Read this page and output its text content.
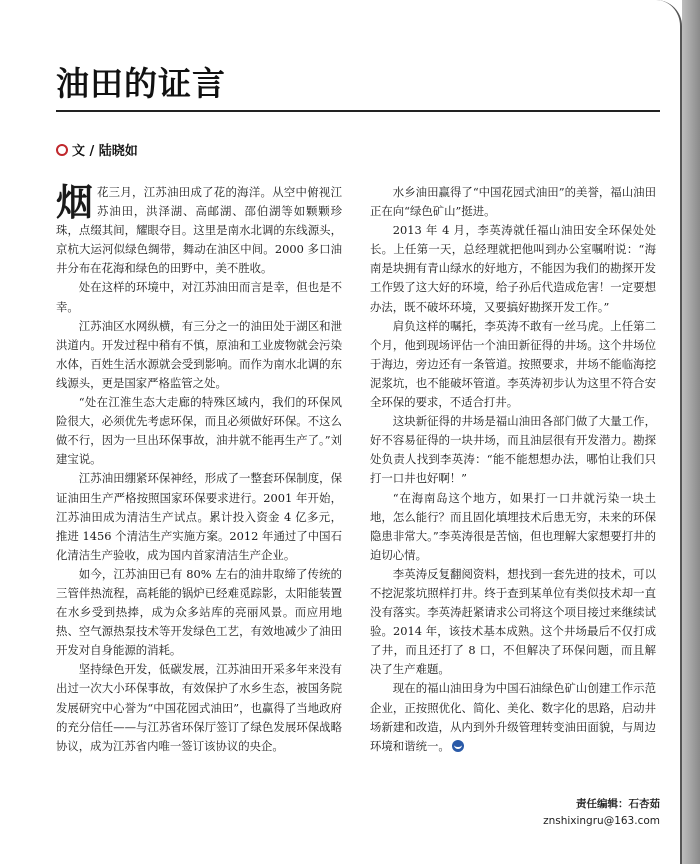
油田的证言
文 / 陆晓如

烟花三月，江苏油田成了花的海洋。从空中俯视江苏油田，洪泽湖、高邮湖、邵伯湖等如颗颗珍珠，点缀其间，耀眼夺目。这里是南水北调的东线源头，京杭大运河似绿色绸带，舞动在油区中间。2000 多口油井分布在花海和绿色的田野中，美不胜收。

处在这样的环境中，对江苏油田而言是幸，但也是不幸。

江苏油区水网纵横，有三分之一的油田处于湖区和泄洪道内。开发过程中稍有不慎，原油和工业废物就会污染水体，百姓生活水源就会受到影响。而作为南水北调的东线源头，更是国家严格监管之处。

“处在江淮生态大走廊的特殊区域内，我们的环保风险很大，必须优先考虑环保，而且必须做好环保。不这么做不行，因为一旦出环保事故，油井就不能再生产了。”刘建宝说。

江苏油田绷紧环保神经，形成了一整套环保制度，保证油田生产严格按照国家环保要求进行。2001 年开始，江苏油田成为清洁生产试点。累计投入资金 4 亿多元，推进 1456 个清洁生产实施方案。2012 年通过了中国石化清洁生产验收，成为国内首家清洁生产企业。

如今，江苏油田已有 80% 左右的油井取缔了传统的三管伴热流程，高耗能的锅炉已经难觅踪影，太阳能装置在水乡受到热捧，成为众多站库的亮丽风景。而应用地热、空气源热泵技术等开发绿色工艺，有效地减少了油田开发对自身能源的消耗。

坚持绿色开发，低碳发展，江苏油田开采多年来没有出过一次大小环保事故，有效保护了水乡生态，被国务院发展研究中心誉为“中国花园式油田”，也赢得了当地政府的充分信任——与江苏省环保厅签订了绿色发展环保战略协议，成为江苏省内唯一签订该协议的央企。

水乡油田赢得了“中国花园式油田”的美誉，福山油田正在向“绿色矿山”挺进。

2013 年 4 月，李英涛就任福山油田安全环保处处长。上任第一天，总经理就把他叫到办公室嘱咐说：“海南是块拥有青山绿水的好地方，不能因为我们的勘探开发工作毁了这大好的环境，给子孙后代造成危害！一定要想办法，既不破坏环境，又要搞好勘探开发工作。”

肩负这样的嘱托，李英涛不敢有一丝马虎。上任第二个月，他到现场评估一个油田新征得的井场。这个井场位于海边，旁边还有一条管道。按照要求，井场不能临海挖泥浆坑，也不能破坏管道。李英涛初步认为这里不符合安全环保的要求，不适合打井。

这块新征得的井场是福山油田各部门做了大量工作，好不容易征得的一块井场，而且油层很有开发潜力。勘探处负责人找到李英涛：“能不能想想办法，哪怕让我们只打一口井也好啊！”

“在海南岛这个地方，如果打一口井就污染一块土地，怎么能行？而且固化填埋技术后患无穷，未来的环保隐患非常大。”李英涛很是苦恼，但也理解大家想要打井的迫切心情。

李英涛反复翻阅资料，想找到一套先进的技术，可以不挖泥浆坑照样打井。终于查到某单位有类似技术却一直没有落实。李英涛赶紧请求公司将这个项目接过来继续试验。2014 年，该技术基本成熟。这个井场最后不仅打成了井，而且还打了 8 口，不但解决了环保问题，而且解决了生产难题。

现在的福山油田身为中国石油绿色矿山创建工作示范企业，正按照优化、简化、美化、数字化的思路，启动井场新建和改造，从内到外升级管理转变油田面貌，与周边环境和谐统一。

责任编辑：石杏茹
znshixingru@163.com
